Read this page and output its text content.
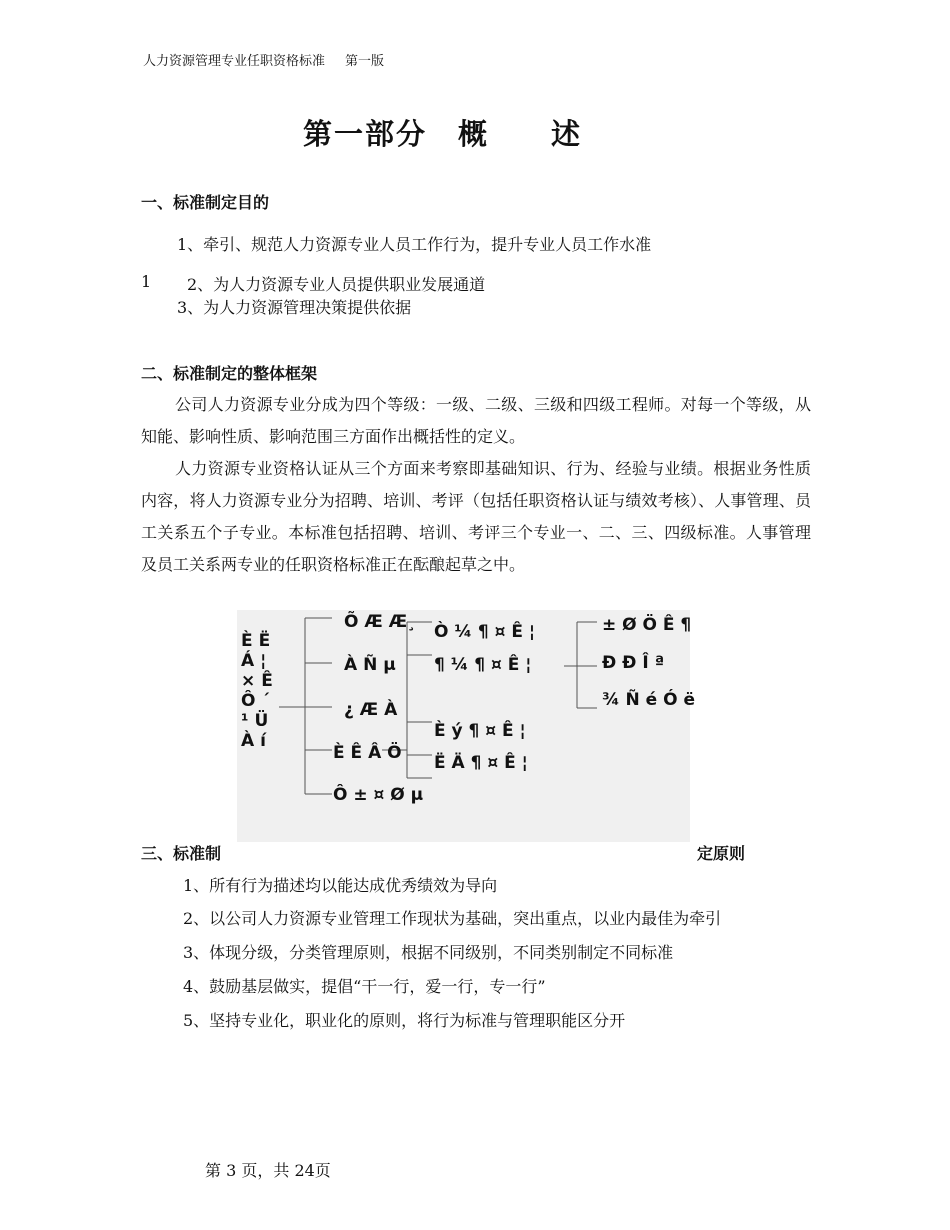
人力资源管理专业任职资格标准 第一版
第一部分　概　　述
一、标准制定目的
1、牵引、规范人力资源专业人员工作行为，提升专业人员工作水准
1 2、为人力资源专业人员提供职业发展通道
3、为人力资源管理决策提供依据
二、标准制定的整体框架
公司人力资源专业分成为四个等级：一级、二级、三级和四级工程师。对每一个等级，从知能、影响性质、影响范围三方面作出概括性的定义。
人力资源专业资格认证从三个方面来考察即基础知识、行为、经验与业绩。根据业务性质内容，将人力资源专业分为招聘、培训、考评（包括任职资格认证与绩效考核）、人事管理、员工关系五个子专业。本标准包括招聘、培训、考评三个专业一、二、三、四级标准。人事管理及员工关系两专业的任职资格标准正在酝酿起草之中。
È Ë
Á ¦
× Ê
Ô ´
¹ Ü
À í
Õ Æ Æ¸
À Ñ µ
¿ Æ À
È Ê Â Ö
Ô ± ¤ Ø µ
Ò ¼ ¶ ¤ Ê ¦
¶ ¼ ¶ ¤ Ê ¦
È ý ¶ ¤ Ê ¦
Ë Ä ¶ ¤ Ê ¦
± Ø Ö Ê ¶
Ð Ð Î ª
¾ Ñ é Ó ë
三、标准制	定原则
1、所有行为描述均以能达成优秀绩效为导向
2、以公司人力资源专业管理工作现状为基础，突出重点，以业内最佳为牵引
3、体现分级，分类管理原则，根据不同级别，不同类别制定不同标准
4、鼓励基层做实，提倡“干一行，爱一行，专一行”
5、坚持专业化，职业化的原则，将行为标准与管理职能区分开
第 3 页，共 24页
